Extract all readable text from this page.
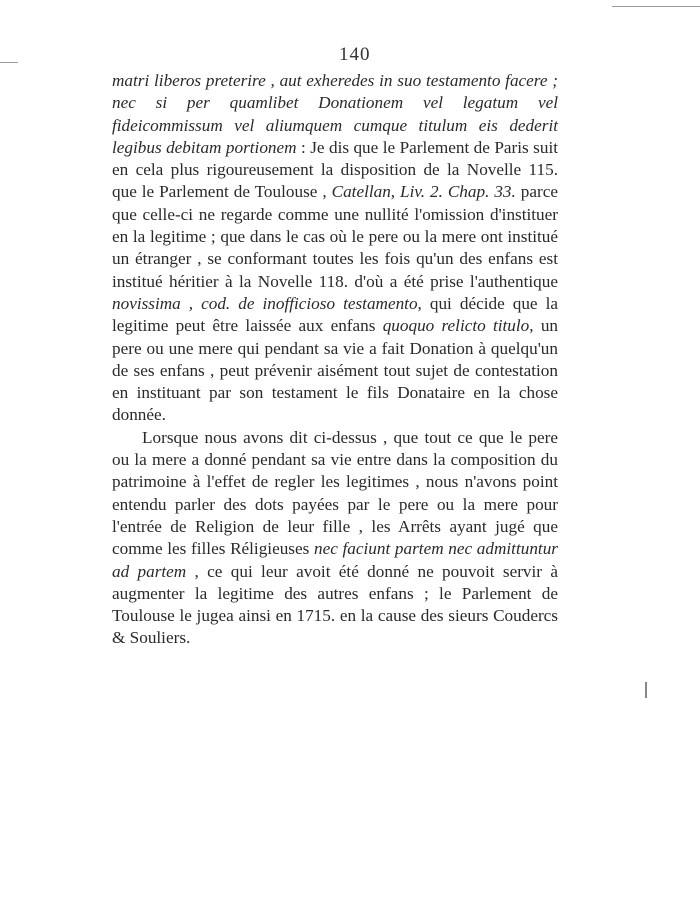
140

matri liberos preterire , aut exheredes in suo testamento facere ; nec si per quamlibet Donationem vel legatum vel fideicommissum vel aliumquem cumque titulum eis dederit legibus debitam portionem : Je dis que le Parlement de Paris suit en cela plus rigoureusement la disposition de la Novelle 115. que le Parlement de Toulouse , Catellan, Liv. 2. Chap. 33. parce que celle-ci ne regarde comme une nullité l'omission d'instituer en la legitime ; que dans le cas où le pere ou la mere ont institué un étranger , se conformant toutes les fois qu'un des enfans est institué héritier à la Novelle 118. d'où a été prise l'authentique novissima , cod. de inofficioso testamento, qui décide que la legitime peut être laissée aux enfans quoquo relicto titulo, un pere ou une mere qui pendant sa vie a fait Donation à quelqu'un de ses enfans , peut prévenir aisément tout sujet de contestation en instituant par son testament le fils Donataire en la chose donnée.

Lorsque nous avons dit ci-dessus , que tout ce que le pere ou la mere a donné pendant sa vie entre dans la composition du patrimoine à l'effet de regler les legitimes , nous n'avons point entendu parler des dots payées par le pere ou la mere pour l'entrée de Religion de leur fille , les Arrêts ayant jugé que comme les filles Réligieuses nec faciunt partem nec admittuntur ad partem , ce qui leur avoit été donné ne pouvoit servir à augmenter la legitime des autres enfans ; le Parlement de Toulouse le jugea ainsi en 1715. en la cause des sieurs Coudercs & Souliers.
